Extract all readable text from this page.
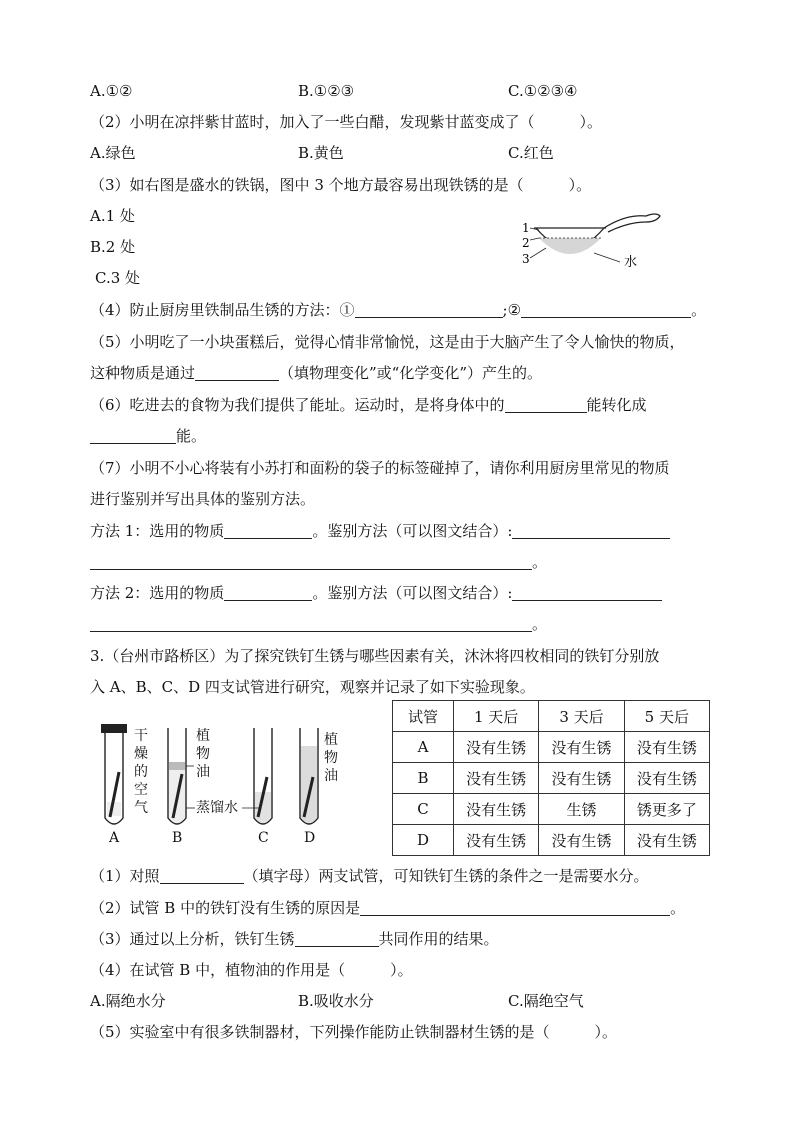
A.①②	B.①②③	C.①②③④
（2）小明在凉拌紫甘蓝时，加入了一些白醋，发现紫甘蓝变成了（　　　）。
A.绿色	B.黄色	C.红色
（3）如右图是盛水的铁锅，图中 3 个地方最容易出现铁锈的是（　　　）。
A.1 处
B.2 处
C.3 处
1
2
3	水
（4）防止厨房里铁制品生锈的方法：①	;②	。
（5）小明吃了一小块蛋糕后，觉得心情非常愉悦，这是由于大脑产生了令人愉快的物质，
这种物质是通过	（填物理变化”或“化学变化”）产生的。
（6）吃进去的食物为我们提供了能址。运动时，是将身体中的	能转化成
能。
（7）小明不小心将装有小苏打和面粉的袋子的标签碰掉了，请你利用厨房里常见的物质
进行鉴别并写出具体的鉴别方法。
方法 1：选用的物质	。鉴别方法（可以图文结合）:
。
方法 2：选用的物质	。鉴别方法（可以图文结合）:
。
3.（台州市路桥区）为了探究铁钉生锈与哪些因素有关，沐沐将四枚相同的铁钉分别放
入 A、B、C、D 四支试管进行研究，观察并记录了如下实验现象。
干
燥
的
空
气
植
物
油
植
物
油
蒸馏水
A	B	C	D
试管	1 天后	3 天后	5 天后
A	没有生锈	没有生锈	没有生锈
B	没有生锈	没有生锈	没有生锈
C	没有生锈	生锈	锈更多了
D	没有生锈	没有生锈	没有生锈
（1）对照	（填字母）两支试管，可知铁钉生锈的条件之一是需要水分。
（2）试管 B 中的铁钉没有生锈的原因是	。
（3）通过以上分析，铁钉生锈	共同作用的结果。
（4）在试管 B 中，植物油的作用是（　　　）。
A.隔绝水分	B.吸收水分	C.隔绝空气
（5）实验室中有很多铁制器材，下列操作能防止铁制器材生锈的是（　　　）。
